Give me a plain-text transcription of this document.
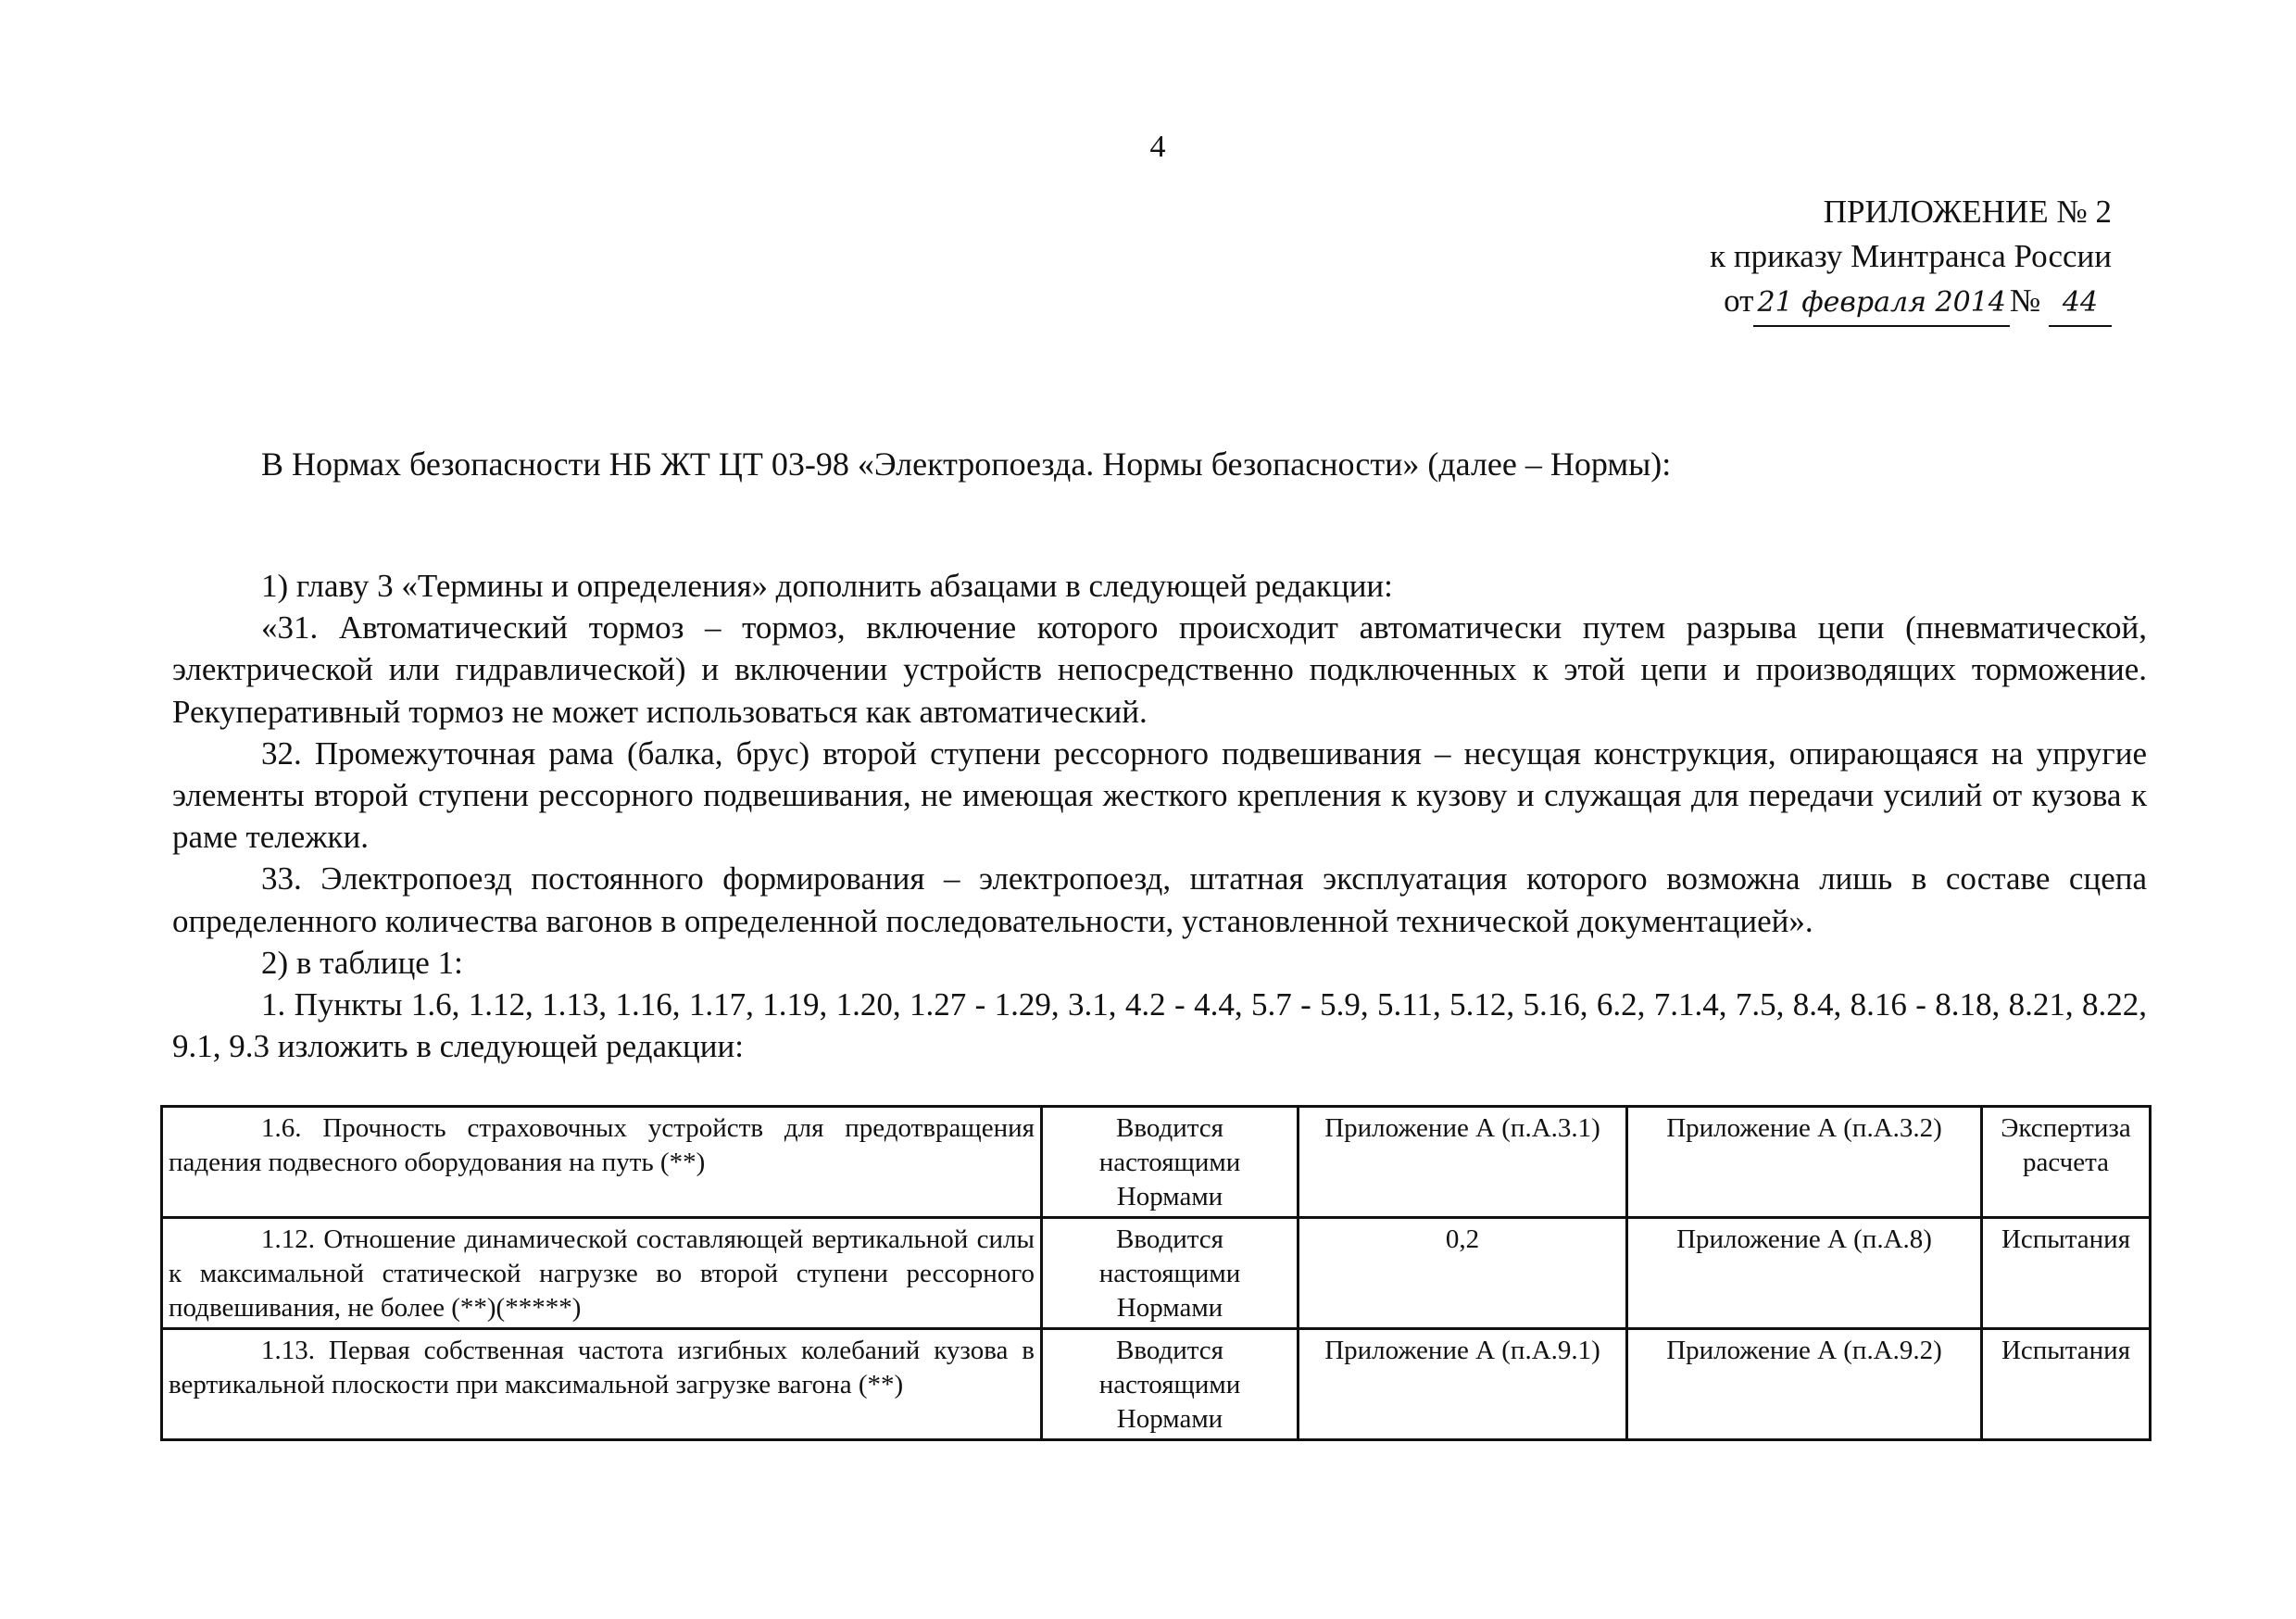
4
ПРИЛОЖЕНИЕ № 2
к приказу Минтранса России
от 21 февраля 2014 № 44
В Нормах безопасности НБ ЖТ ЦТ 03-98 «Электропоезда. Нормы безопасности» (далее – Нормы):

1) главу 3 «Термины и определения» дополнить абзацами в следующей редакции:

«31. Автоматический тормоз – тормоз, включение которого происходит автоматически путем разрыва цепи (пневматической, электрической или гидравлической) и включении устройств непосредственно подключенных к этой цепи и производящих торможение. Рекуперативный тормоз не может использоваться как автоматический.

32. Промежуточная рама (балка, брус) второй ступени рессорного подвешивания – несущая конструкция, опирающаяся на упругие элементы второй ступени рессорного подвешивания, не имеющая жесткого крепления к кузову и служащая для передачи усилий от кузова к раме тележки.

33. Электропоезд постоянного формирования – электропоезд, штатная эксплуатация которого возможна лишь в составе сцепа определенного количества вагонов в определенной последовательности, установленной технической документацией».

2) в таблице 1:

1. Пункты 1.6, 1.12, 1.13, 1.16, 1.17, 1.19, 1.20, 1.27 - 1.29, 3.1, 4.2 - 4.4, 5.7 - 5.9, 5.11, 5.12, 5.16, 6.2, 7.1.4, 7.5, 8.4, 8.16 - 8.18, 8.21, 8.22, 9.1, 9.3 изложить в следующей редакции:

1.6. Прочность страховочных устройств для предотвращения падения подвесного оборудования на путь (**)	Вводится настоящими Нормами	Приложение А (п.А.3.1)	Приложение А (п.А.3.2)	Экспертиза расчета
1.12. Отношение динамической составляющей вертикальной силы к максимальной статической нагрузке во второй ступени рессорного подвешивания, не более (**)(*****)	Вводится настоящими Нормами	0,2	Приложение А (п.А.8)	Испытания
1.13. Первая собственная частота изгибных колебаний кузова в вертикальной плоскости при максимальной загрузке вагона (**)	Вводится настоящими Нормами	Приложение А (п.А.9.1)	Приложение А (п.А.9.2)	Испытания
